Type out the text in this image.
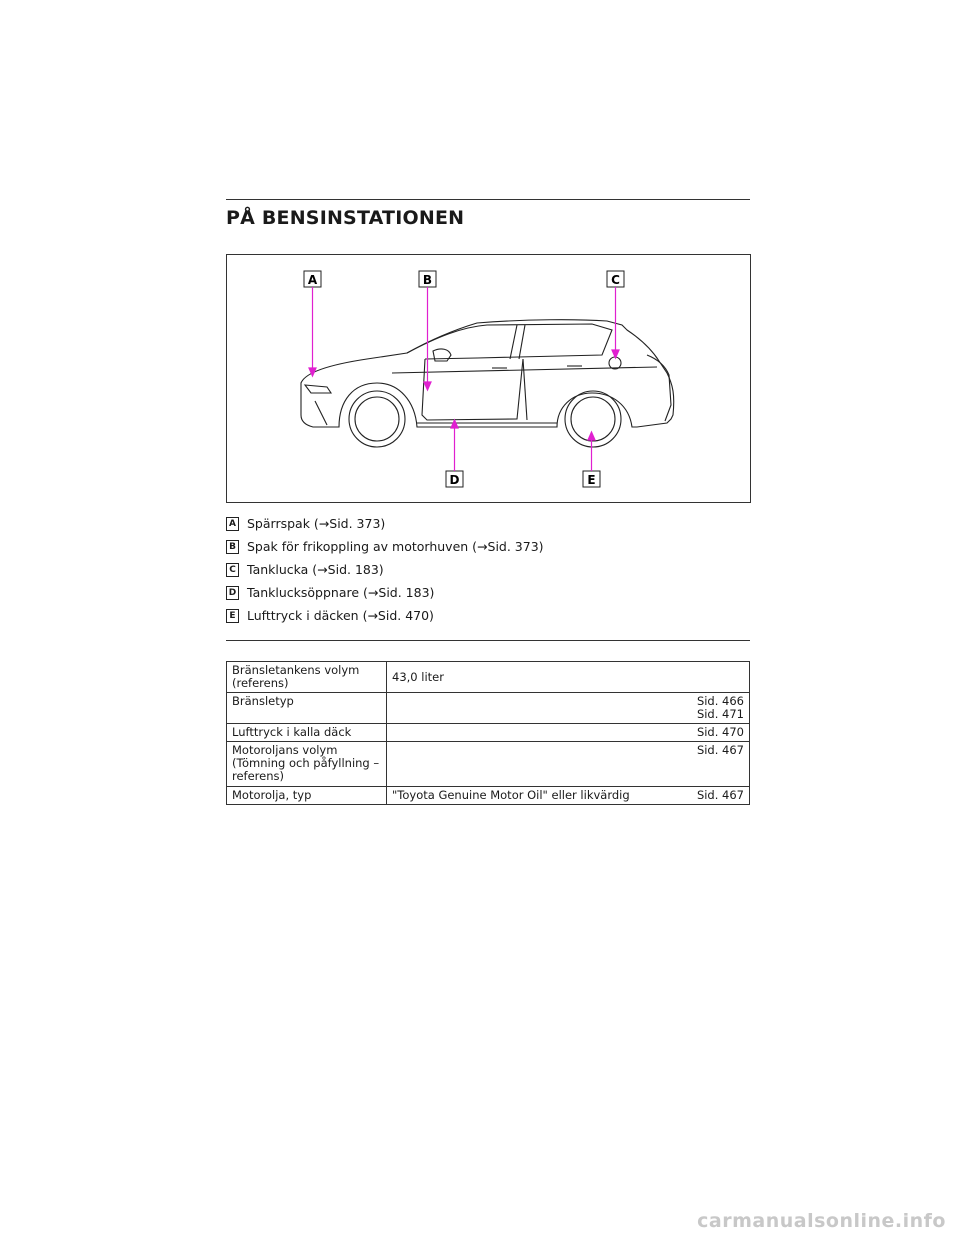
PÅ BENSINSTATIONEN
A	B	C
D	E
A Spärrspak (→Sid. 373)
B Spak för frikoppling av motorhuven (→Sid. 373)
C Tanklucka (→Sid. 183)
D Tanklucksöppnare (→Sid. 183)
E Lufttryck i däcken (→Sid. 470)
Bränsletankens volym (referens)	43,0 liter

Bränsletyp	Sid. 466
Sid. 471
Lufttryck i kalla däck	Sid. 470
Motoroljans volym (Tömning och påfyllning – referens)	Sid. 467
Motorolja, typ	"Toyota Genuine Motor Oil" eller likvärdig Sid. 467
carmanualsonline.info
